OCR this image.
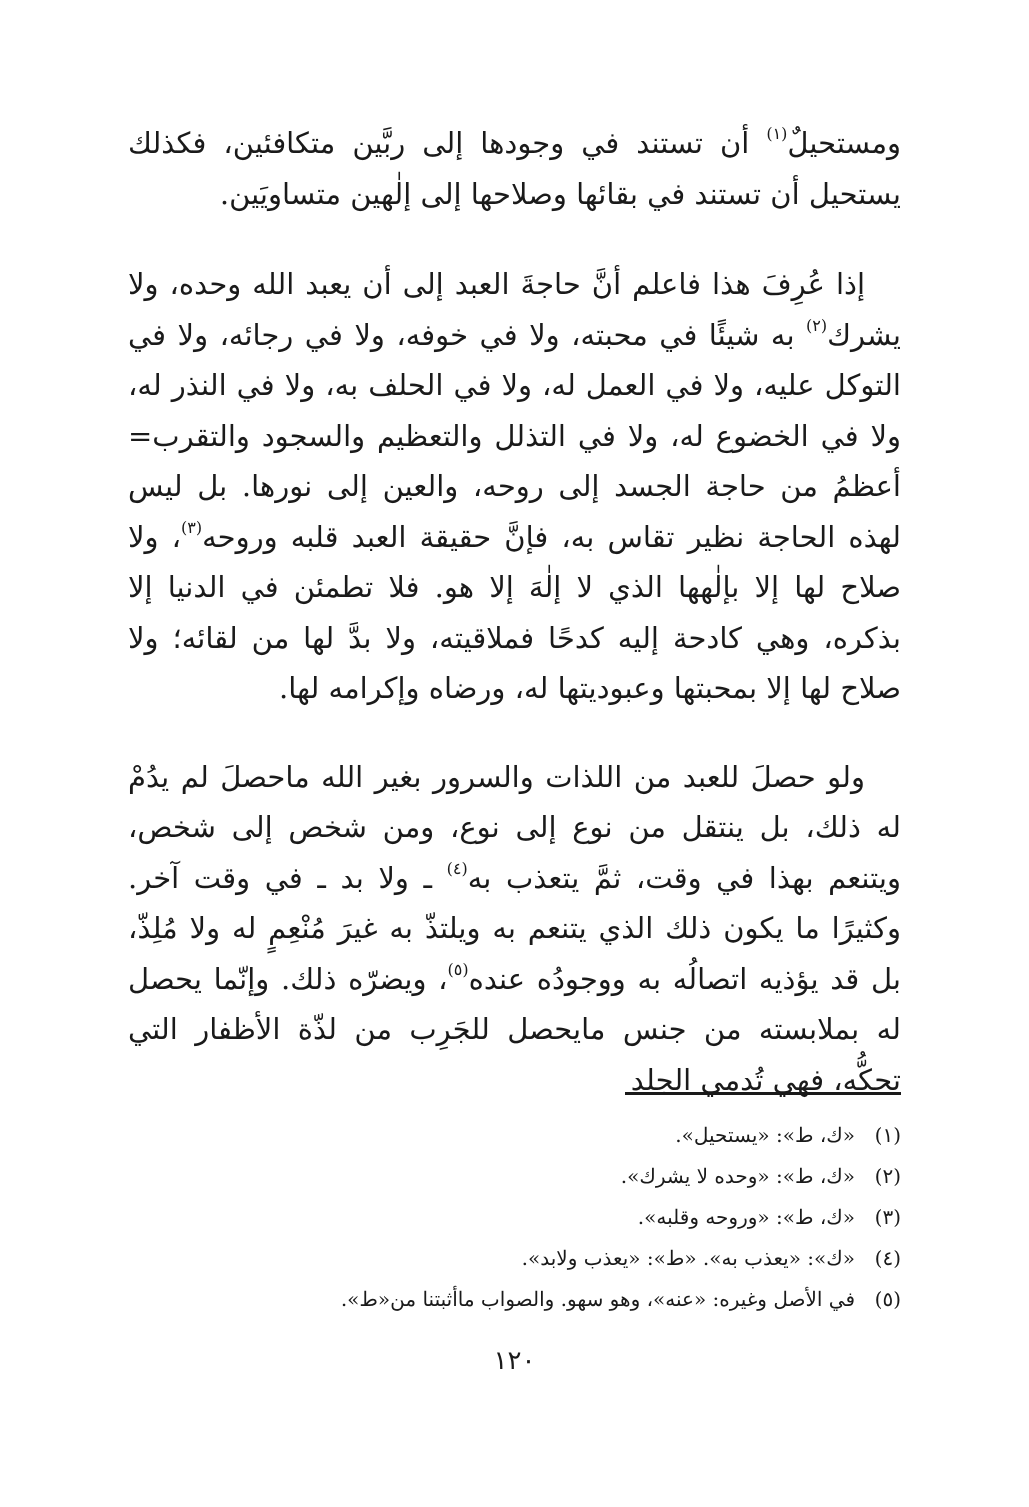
ومستحيلٌ$^{(١)}$ أن تستند في وجودها إلى ربَّين متكافئين، فكذلك يستحيل أن تستند في بقائها وصلاحها إلى إلٰهين متساويَين.

إذا عُرِفَ هذا فاعلم أنَّ حاجةَ العبد إلى أن يعبد الله وحده، ولا يشرك$^{(٢)}$ به شيئًا في محبته، ولا في خوفه، ولا في رجائه، ولا في التوكل عليه، ولا في العمل له، ولا في الحلف به، ولا في النذر له، ولا في الخضوع له، ولا في التذلل والتعظيم والسجود والتقرب= أعظمُ من حاجة الجسد إلى روحه، والعين إلى نورها. بل ليس لهذه الحاجة نظير تقاس به، فإنَّ حقيقة العبد قلبه وروحه$^{(٣)}$، ولا صلاح لها إلا بإلٰهها الذي لا إلٰهَ إلا هو. فلا تطمئن في الدنيا إلا بذكره، وهي كادحة إليه كدحًا فملاقيته، ولا بدَّ لها من لقائه؛ ولا صلاح لها إلا بمحبتها وعبوديتها له، ورضاه وإكرامه لها.

ولو حصلَ للعبد من اللذات والسرور بغير الله ماحصلَ لم يدُمْ له ذلك، بل ينتقل من نوع إلى نوع، ومن شخص إلى شخص، ويتنعم بهذا في وقت، ثمَّ يتعذب به$^{(٤)}$ ـ ولا بد ـ في وقت آخر. وكثيرًا ما يكون ذلك الذي يتنعم به ويلتذّ به غيرَ مُنْعِمٍ له ولا مُلِذّ، بل قد يؤذيه اتصالُه به ووجودُه عنده$^{(٥)}$، ويضرّه ذلك. وإنّما يحصل له بملابسته من جنس مايحصل للجَرِب من لذّة الأظفار التي تحكُّه، فهي تُدمي الجلد

(١)
«ك، ط»: «يستحيل».
(٢)
«ك، ط»: «وحده لا يشرك».
(٣)
«ك، ط»: «وروحه وقلبه».
(٤)
«ك»: «يعذب به». «ط»: «يعذب ولابد».
(٥)
في الأصل وغيره: «عنه»، وهو سهو. والصواب ماأثبتنا من«ط».
١٢٠
